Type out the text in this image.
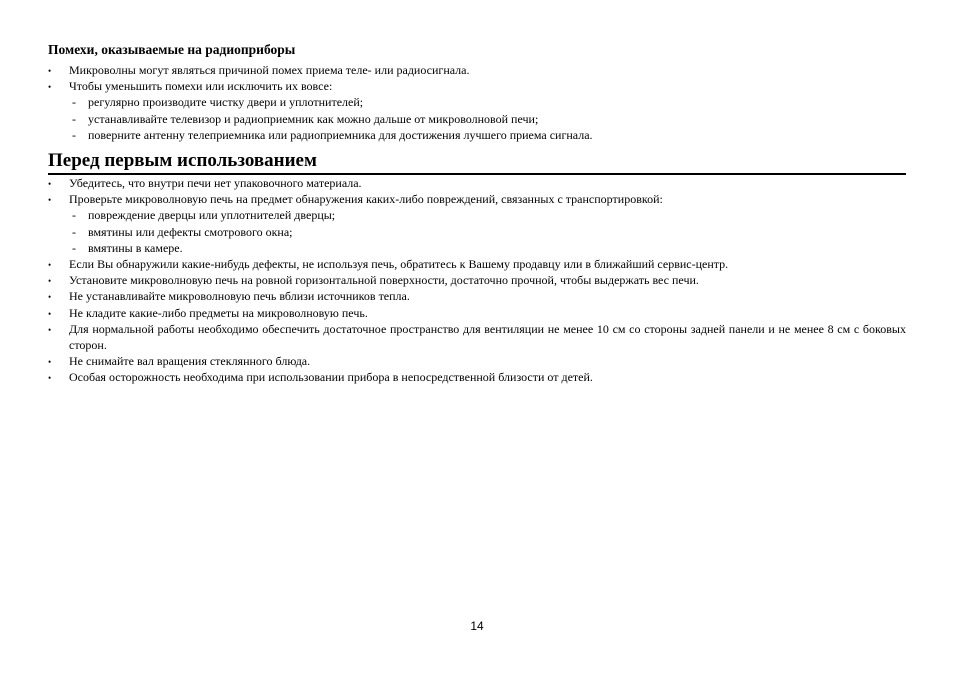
Помехи, оказываемые на радиоприборы
• Микроволны могут являться причиной помех приема теле- или радиосигнала.
• Чтобы уменьшить помехи или исключить их вовсе:
- регулярно производите чистку двери и уплотнителей;
- устанавливайте телевизор и радиоприемник как можно дальше от микроволновой печи;
- поверните антенну телеприемника или радиоприемника для достижения лучшего приема сигнала.
Перед первым использованием
• Убедитесь, что внутри печи нет упаковочного материала.
• Проверьте микроволновую печь на предмет обнаружения каких-либо повреждений, связанных с транспортировкой:
- повреждение дверцы или уплотнителей дверцы;
- вмятины или дефекты смотрового окна;
- вмятины в камере.
• Если Вы обнаружили какие-нибудь дефекты, не используя печь, обратитесь к Вашему продавцу или в ближайший сервис-центр.
• Установите микроволновую печь на ровной горизонтальной поверхности, достаточно прочной, чтобы выдержать вес печи.
• Не устанавливайте микроволновую печь вблизи источников тепла.
• Не кладите какие-либо предметы на микроволновую печь.
• Для нормальной работы необходимо обеспечить достаточное пространство для вентиляции не менее 10 см со стороны задней панели и не менее 8 см с боковых сторон.
• Не снимайте вал вращения стеклянного блюда.
• Особая осторожность необходима при использовании прибора в непосредственной близости от детей.
14
